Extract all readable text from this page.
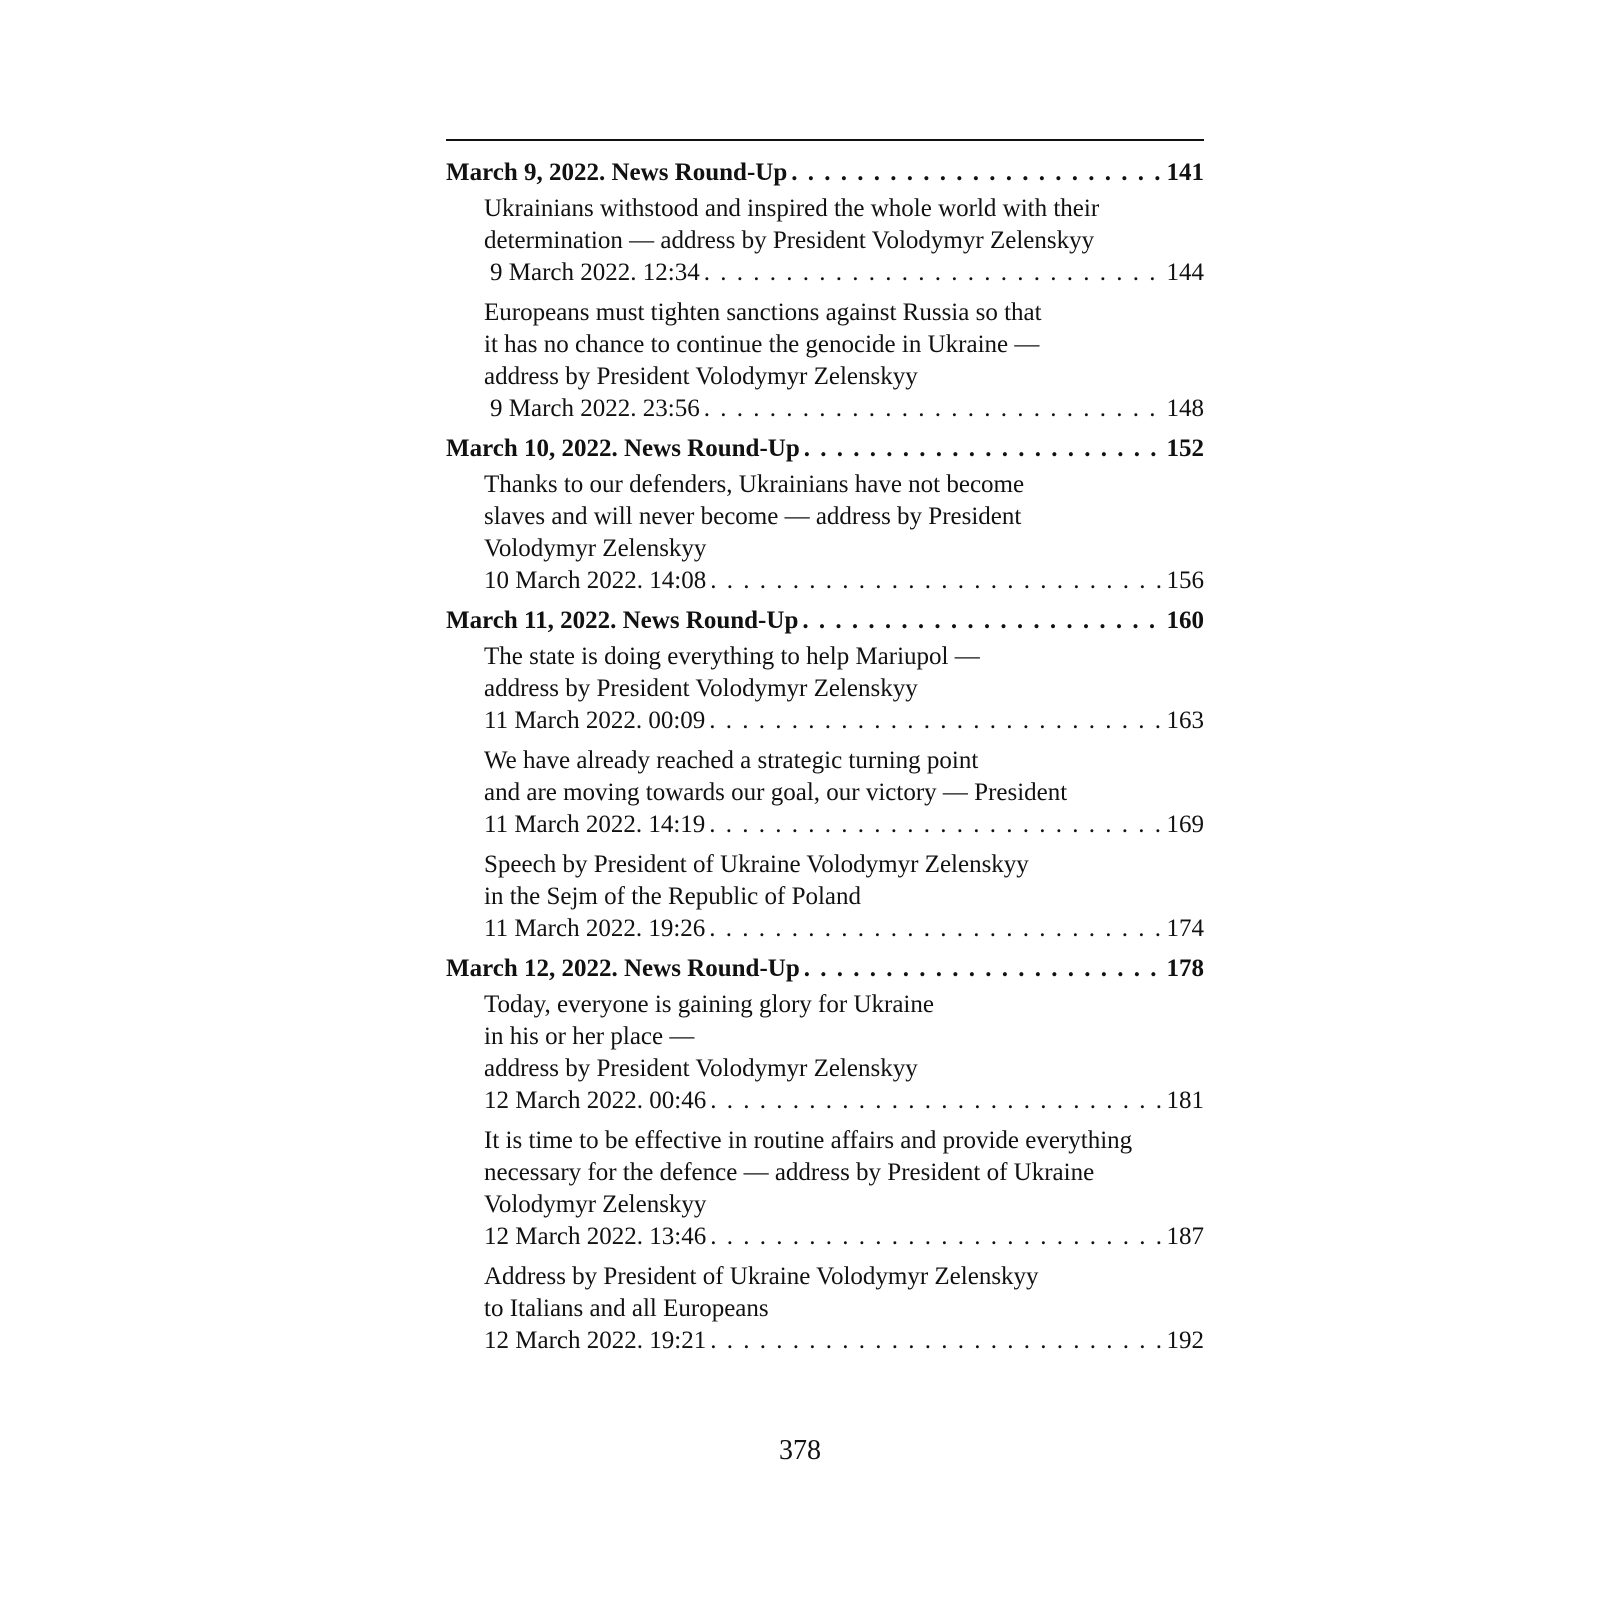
March 9, 2022. News Round-Up . . .	141
Ukrainians withstood and inspired the whole world with their
determination — address by President Volodymyr Zelenskyy
9 March 2022. 12:34 . . .	144
Europeans must tighten sanctions against Russia so that
it has no chance to continue the genocide in Ukraine —
address by President Volodymyr Zelenskyy
9 March 2022. 23:56 . . .	148
March 10, 2022. News Round-Up . . .	152
Thanks to our defenders, Ukrainians have not become
slaves and will never become — address by President
Volodymyr Zelenskyy
10 March 2022. 14:08 . . .	156
March 11, 2022. News Round-Up . . .	160
The state is doing everything to help Mariupol —
address by President Volodymyr Zelenskyy
11 March 2022. 00:09 . . .	163
We have already reached a strategic turning point
and are moving towards our goal, our victory — President
11 March 2022. 14:19 . . .	169
Speech by President of Ukraine Volodymyr Zelenskyy
in the Sejm of the Republic of Poland
11 March 2022. 19:26 . . .	174
March 12, 2022. News Round-Up . . .	178
Today, everyone is gaining glory for Ukraine
in his or her place —
address by President Volodymyr Zelenskyy
12 March 2022. 00:46 . . .	181
It is time to be effective in routine affairs and provide everything
necessary for the defence — address by President of Ukraine
Volodymyr Zelenskyy
12 March 2022. 13:46 . . .	187
Address by President of Ukraine Volodymyr Zelenskyy
to Italians and all Europeans
12 March 2022. 19:21 . . .	192
378
